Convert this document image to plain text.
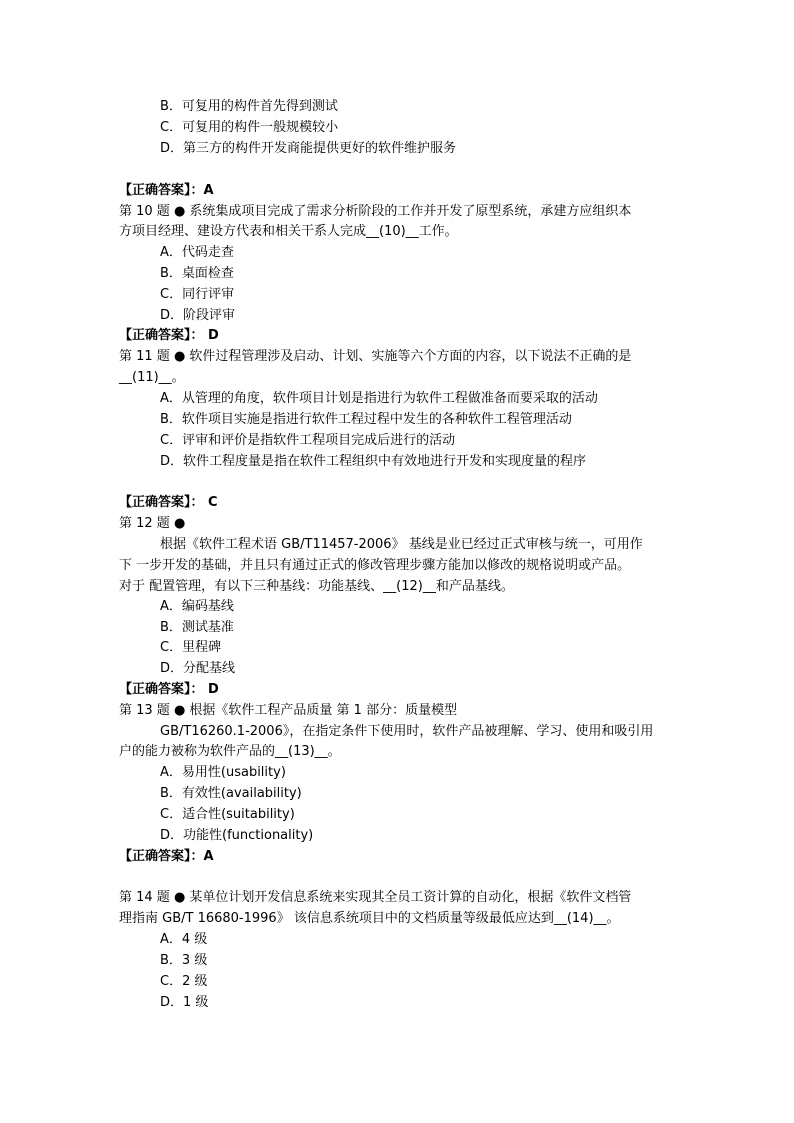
B．可复用的构件首先得到测试
C．可复用的构件一般规模较小
D．第三方的构件开发商能提供更好的软件维护服务
【正确答案】：A
第 10 题 ● 系统集成项目完成了需求分析阶段的工作并开发了原型系统，承建方应组织本
方项目经理、建设方代表和相关干系人完成__(10)__工作。
A．代码走查
B．桌面检查
C．同行评审
D．阶段评审
【正确答案】： D
第 11 题 ● 软件过程管理涉及启动、计划、实施等六个方面的内容，以下说法不正确的是
__(11)__。
A．从管理的角度，软件项目计划是指进行为软件工程做准备而要采取的活动
B．软件项目实施是指进行软件工程过程中发生的各种软件工程管理活动
C．评审和评价是指软件工程项目完成后进行的活动
D．软件工程度量是指在软件工程组织中有效地进行开发和实现度量的程序
【正确答案】： C
第 12 题 ●
根据《软件工程术语 GB/T11457-2006》 基线是业已经过正式审核与统一，可用作
下 一步开发的基础，并且只有通过正式的修改管理步骤方能加以修改的规格说明或产品。
对于 配置管理，有以下三种基线：功能基线、__(12)__和产品基线。
A．编码基线
B．测试基准
C．里程碑
D．分配基线
【正确答案】： D
第 13 题 ● 根据《软件工程产品质量 第 1 部分：质量模型
GB/T16260.1-2006》，在指定条件下使用时，软件产品被理解、学习、使用和吸引用
户的能力被称为软件产品的__(13)__。
A．易用性(usability)
B．有效性(availability)
C．适合性(suitability)
D．功能性(functionality)
【正确答案】：A
第 14 题 ● 某单位计划开发信息系统来实现其全员工资计算的自动化，根据《软件文档管
理指南 GB/T 16680-1996》 该信息系统项目中的文档质量等级最低应达到__(14)__。
A．4 级
B．3 级
C．2 级
D．1 级
